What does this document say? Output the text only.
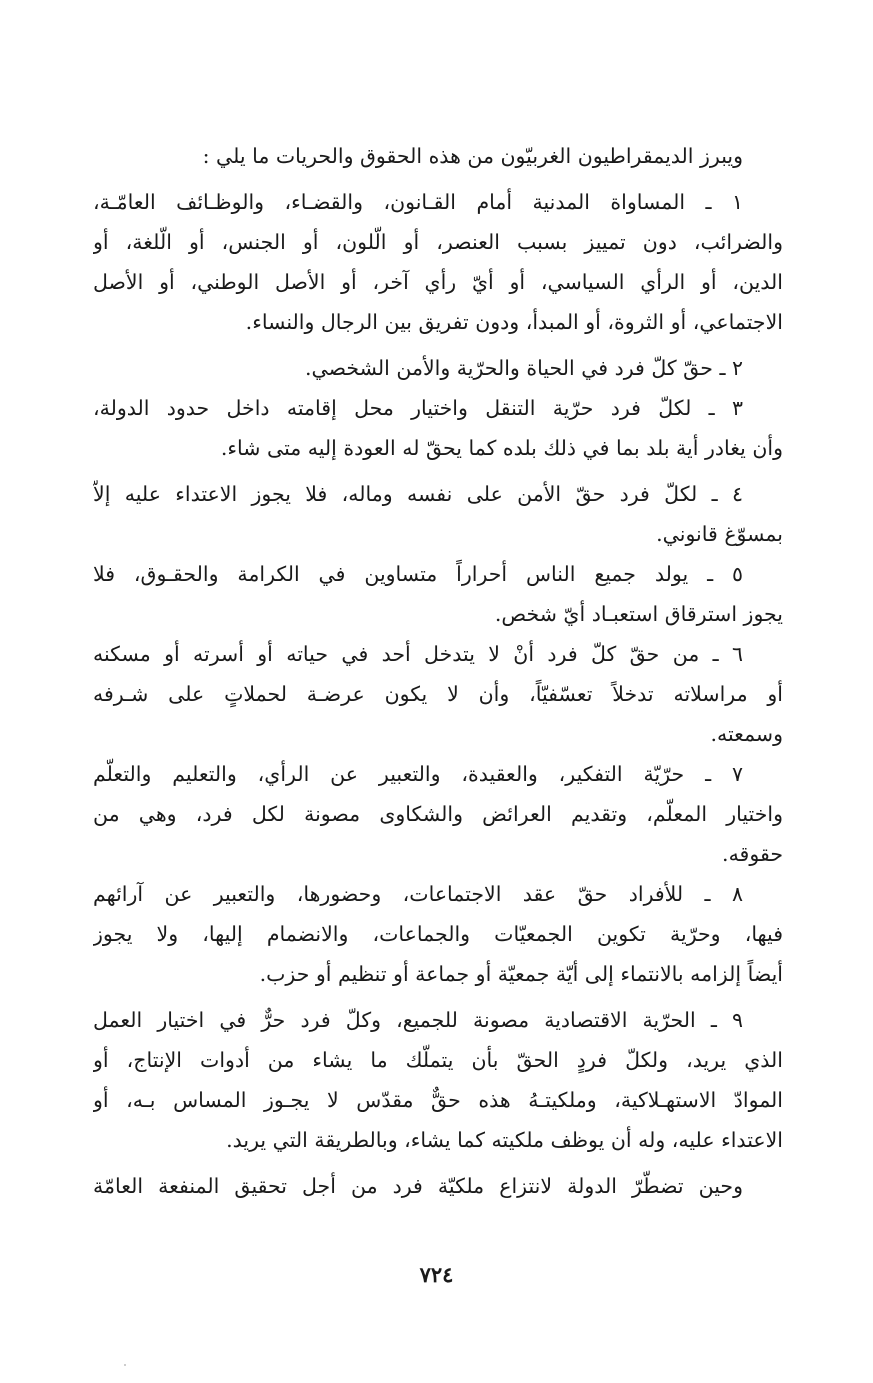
ويبرز الديمقراطيون الغربيّون من هذه الحقوق والحريات ما يلي :
١ ـ المساواة المدنية أمام القـانون، والقضـاء، والوظـائف العامّـة،
والضرائب، دون تمييز بسبب العنصر، أو الّلون، أو الجنس، أو الّلغة، أو
الدين، أو الرأي السياسي، أو أيّ رأي آخر، أو الأصل الوطني، أو الأصل
الاجتماعي، أو الثروة، أو المبدأ، ودون تفريق بين الرجال والنساء.
٢ ـ حقّ كلّ فرد في الحياة والحرّية والأمن الشخصي.
٣ ـ لكلّ فرد حرّية التنقل واختيار محل إقامته داخل حدود الدولة،
وأن يغادر أية بلد بما في ذلك بلده كما يحقّ له العودة إليه متى شاء.
٤ ـ لكلّ فرد حقّ الأمن على نفسه وماله، فلا يجوز الاعتداء عليه إلاّ
بمسوّغ قانوني.
٥ ـ يولد جميع الناس أحراراً متساوين في الكرامة والحقـوق، فلا
يجوز استرقاق استعبـاد أيّ شخص.
٦ ـ من حقّ كلّ فرد أنْ لا يتدخل أحد في حياته أو أسرته أو مسكنه
أو مراسلاته تدخلاً تعسّفيّاً، وأن لا يكون عرضـة لحملاتٍ على شـرفه
وسمعته.
٧ ـ حرّيّة التفكير، والعقيدة، والتعبير عن الرأي، والتعليم والتعلّم
واختيار المعلّم، وتقديم العرائض والشكاوى مصونة لكل فرد، وهي من
حقوقه.
٨ ـ للأفراد حقّ عقد الاجتماعات، وحضورها، والتعبير عن آرائهم
فيها، وحرّية تكوين الجمعيّات والجماعات، والانضمام إليها، ولا يجوز
أيضاً إلزامه بالانتماء إلى أيّة جمعيّة أو جماعة أو تنظيم أو حزب.
٩ ـ الحرّية الاقتصادية مصونة للجميع، وكلّ فرد حرٌّ في اختيار العمل
الذي يريد، ولكلّ فردٍ الحقّ بأن يتملّك ما يشاء من أدوات الإنتاج، أو
الموادّ الاستهـلاكية، وملكيتـهُ هذه حقٌّ مقدّس لا يجـوز المساس بـه، أو
الاعتداء عليه، وله أن يوظف ملكيته كما يشاء، وبالطريقة التي يريد.
وحين تضطّرّ الدولة لانتزاع ملكيّة فرد من أجل تحقيق المنفعة العامّة
٧٢٤
